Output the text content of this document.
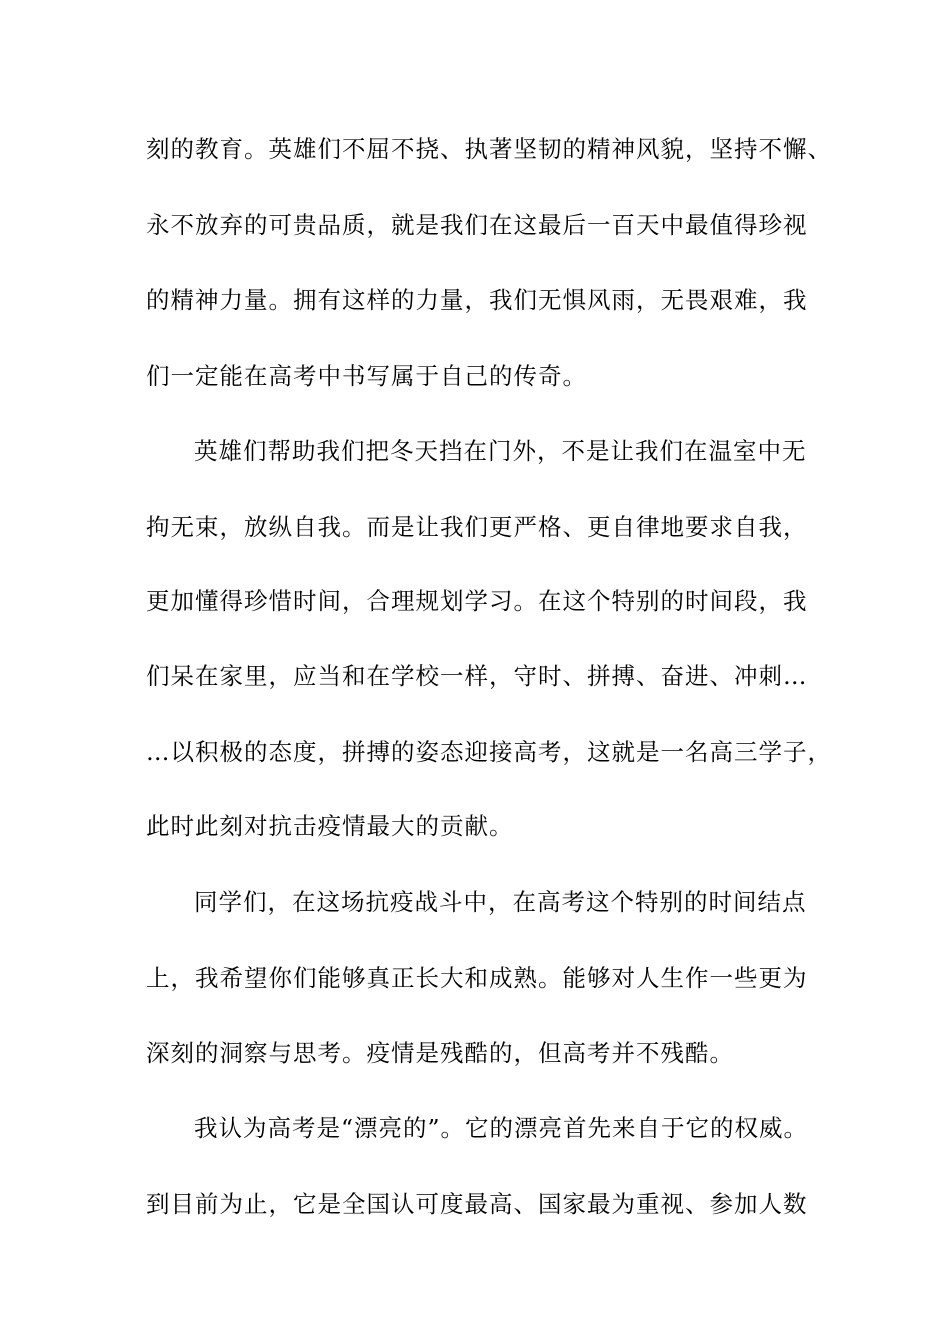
刻的教育。英雄们不屈不挠、执著坚韧的精神风貌，坚持不懈、
永不放弃的可贵品质，就是我们在这最后一百天中最值得珍视
的精神力量。拥有这样的力量，我们无惧风雨，无畏艰难，我
们一定能在高考中书写属于自己的传奇。
英雄们帮助我们把冬天挡在门外，不是让我们在温室中无
拘无束，放纵自我。而是让我们更严格、更自律地要求自我，
更加懂得珍惜时间，合理规划学习。在这个特别的时间段，我
们呆在家里，应当和在学校一样，守时、拼搏、奋进、冲刺…
…以积极的态度，拼搏的姿态迎接高考，这就是一名高三学子，
此时此刻对抗击疫情最大的贡献。
同学们，在这场抗疫战斗中，在高考这个特别的时间结点
上，我希望你们能够真正长大和成熟。能够对人生作一些更为
深刻的洞察与思考。疫情是残酷的，但高考并不残酷。
我认为高考是“漂亮的”。它的漂亮首先来自于它的权威。
到目前为止，它是全国认可度最高、国家最为重视、参加人数
